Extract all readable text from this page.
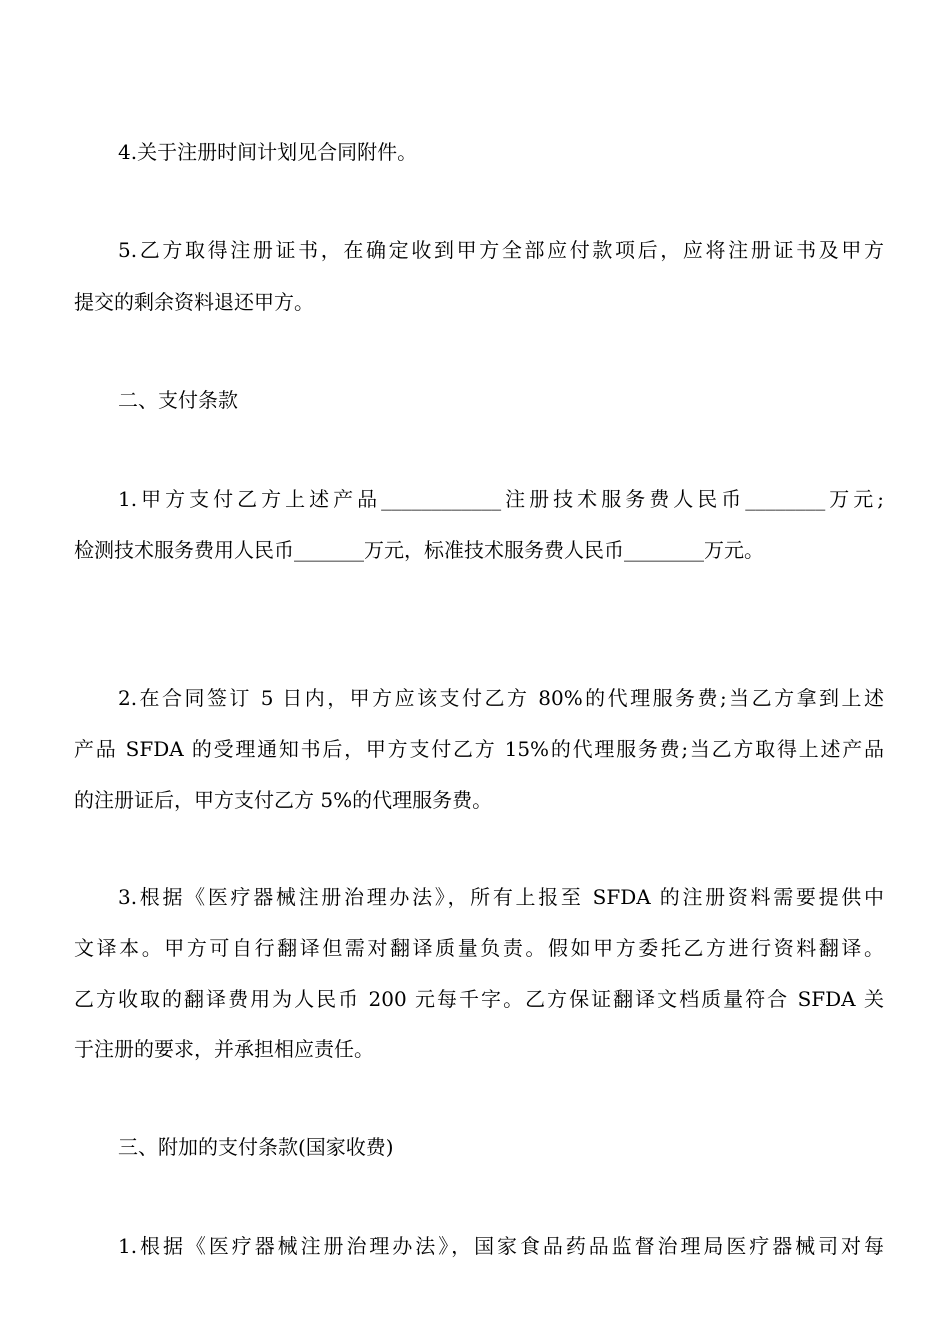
4.关于注册时间计划见合同附件。
5.乙方取得注册证书，在确定收到甲方全部应付款项后，应将注册证书及甲方
提交的剩余资料退还甲方。
二、支付条款
1.甲方支付乙方上述产品____________注册技术服务费人民币________万元;
检测技术服务费用人民币_______万元，标准技术服务费人民币________万元。
2.在合同签订 5 日内，甲方应该支付乙方 80%的代理服务费;当乙方拿到上述
产品 SFDA 的受理通知书后，甲方支付乙方 15%的代理服务费;当乙方取得上述产品
的注册证后，甲方支付乙方 5%的代理服务费。
3.根据《医疗器械注册治理办法》，所有上报至 SFDA 的注册资料需要提供中
文译本。甲方可自行翻译但需对翻译质量负责。假如甲方委托乙方进行资料翻译。
乙方收取的翻译费用为人民币 200 元每千字。乙方保证翻译文档质量符合 SFDA 关
于注册的要求，并承担相应责任。
三、附加的支付条款(国家收费)
1.根据《医疗器械注册治理办法》，国家食品药品监督治理局医疗器械司对每
